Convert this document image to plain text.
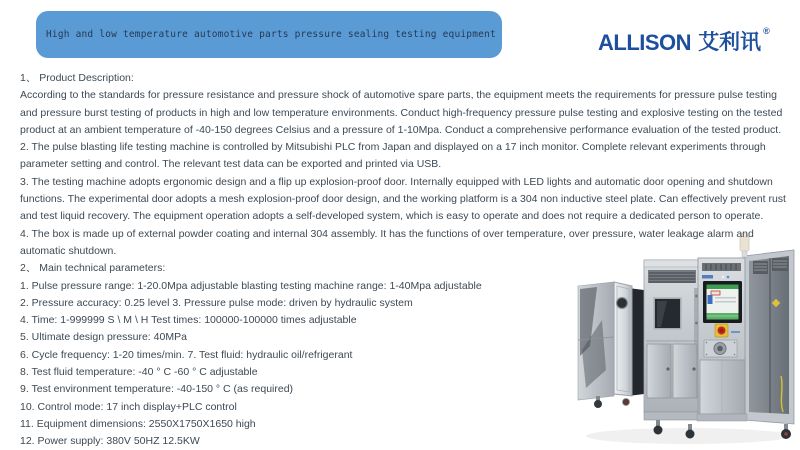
High and low temperature automotive parts pressure sealing testing equipment	ALLISON 艾利讯 ®
1、 Product Description:

According to the standards for pressure resistance and pressure shock of automotive spare parts, the equipment meets the requirements for pressure pulse testing and pressure burst testing of products in high and low temperature environments. Conduct high-frequency pressure pulse testing and explosive testing on the tested product at an ambient temperature of -40-150 degrees Celsius and a pressure of 1-10Mpa. Conduct a comprehensive performance evaluation of the tested product.

2. The pulse blasting life testing machine is controlled by Mitsubishi PLC from Japan and displayed on a 17 inch monitor. Complete relevant experiments through parameter setting and control. The relevant test data can be exported and printed via USB.

3. The testing machine adopts ergonomic design and a flip up explosion-proof door. Internally equipped with LED lights and automatic door opening and shutdown functions. The experimental door adopts a mesh explosion-proof door design, and the working platform is a 304 non inductive steel plate. Can effectively prevent rust and test liquid recovery. The equipment operation adopts a self-developed system, which is easy to operate and does not require a dedicated person to operate.

4. The box is made up of external powder coating and internal 304 assembly. It has the functions of over temperature, over pressure, water leakage alarm and automatic shutdown.

2、 Main technical parameters:
1. Pulse pressure range: 1-20.0Mpa adjustable blasting testing machine range: 1-40Mpa adjustable
2. Pressure accuracy: 0.25 level 3. Pressure pulse mode: driven by hydraulic system
4. Time: 1-999999 S \ M \ H Test times: 100000-100000 times adjustable
5. Ultimate design pressure: 40MPa
6. Cycle frequency: 1-20 times/min. 7. Test fluid: hydraulic oil/refrigerant
8. Test fluid temperature: -40 ° C -60 ° C adjustable
9. Test environment temperature: -40-150 ° C (as required)
10. Control mode: 17 inch display+PLC control
11. Equipment dimensions: 2550X1750X1650 high
12. Power supply: 380V 50HZ 12.5KW
